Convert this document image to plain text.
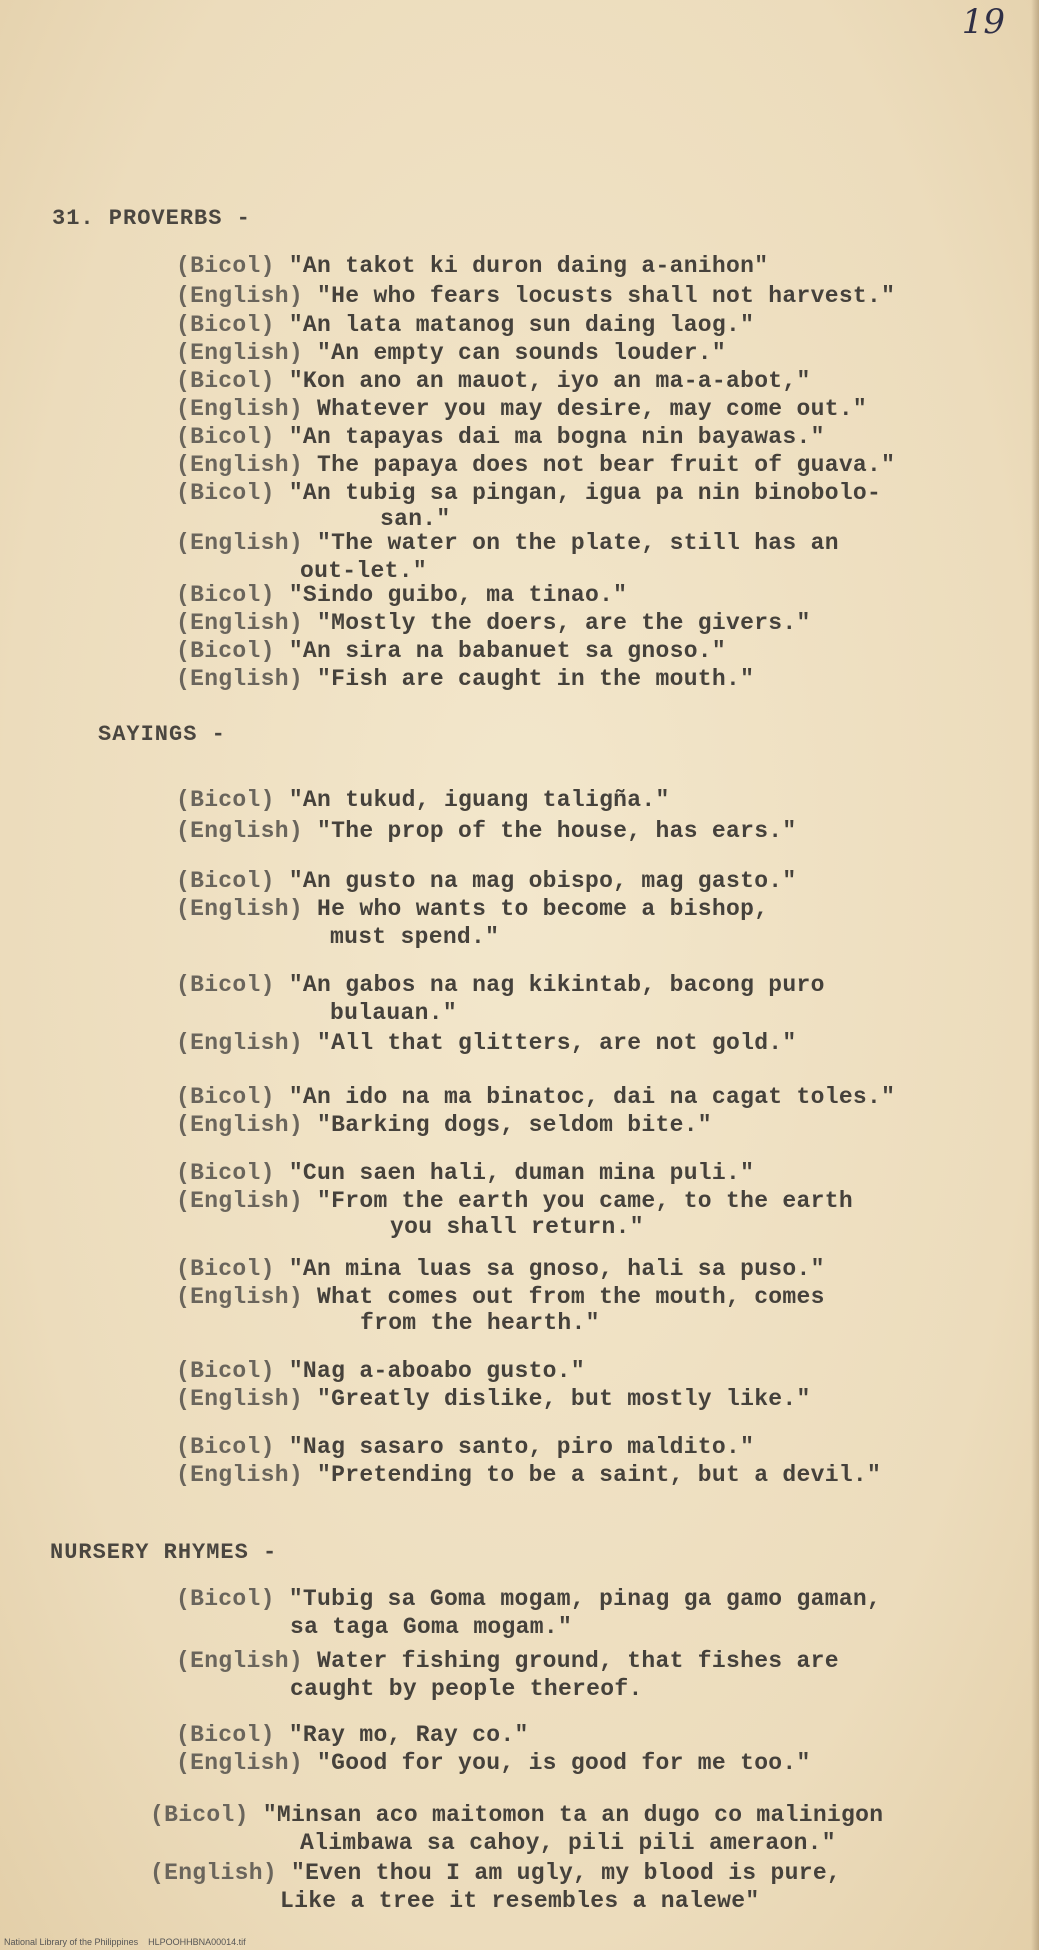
19
31. PROVERBS -
SAYINGS -
NURSERY RHYMES -
(Bicol) "An takot ki duron daing a-anihon"
(English) "He who fears locusts shall not harvest."
(Bicol) "An lata matanog sun daing laog."
(English) "An empty can sounds louder."
(Bicol) "Kon ano an mauot, iyo an ma-a-abot,"
(English) Whatever you may desire, may come out."
(Bicol) "An tapayas dai ma bogna nin bayawas."
(English) The papaya does not bear fruit of guava."
(Bicol) "An tubig sa pingan, igua pa nin binobolo-
san."
(English) "The water on the plate, still has an
out-let."
(Bicol) "Sindo guibo, ma tinao."
(English) "Mostly the doers, are the givers."
(Bicol) "An sira na babanuet sa gnoso."
(English) "Fish are caught in the mouth."
(Bicol) "An tukud, iguang taligña."
(English) "The prop of the house, has ears."
(Bicol) "An gusto na mag obispo, mag gasto."
(English) He who wants to become a bishop,
must spend."
(Bicol) "An gabos na nag kikintab, bacong puro
bulauan."
(English) "All that glitters, are not gold."
(Bicol) "An ido na ma binatoc, dai na cagat toles."
(English) "Barking dogs, seldom bite."
(Bicol) "Cun saen hali, duman mina puli."
(English) "From the earth you came, to the earth
you shall return."
(Bicol) "An mina luas sa gnoso, hali sa puso."
(English) What comes out from the mouth, comes
from the hearth."
(Bicol) "Nag a-aboabo gusto."
(English) "Greatly dislike, but mostly like."
(Bicol) "Nag sasaro santo, piro maldito."
(English) "Pretending to be a saint, but a devil."
(Bicol) "Tubig sa Goma mogam, pinag ga gamo gaman,
sa taga Goma mogam."
(English) Water fishing ground, that fishes are
caught by people thereof.
(Bicol) "Ray mo, Ray co."
(English) "Good for you, is good for me too."
(Bicol) "Minsan aco maitomon ta an dugo co malinigon
Alimbawa sa cahoy, pili pili ameraon."
(English) "Even thou I am ugly, my blood is pure,
Like a tree it resembles a nalewe"
National Library of the Philippines    HLPOOHHBNA00014.tif
